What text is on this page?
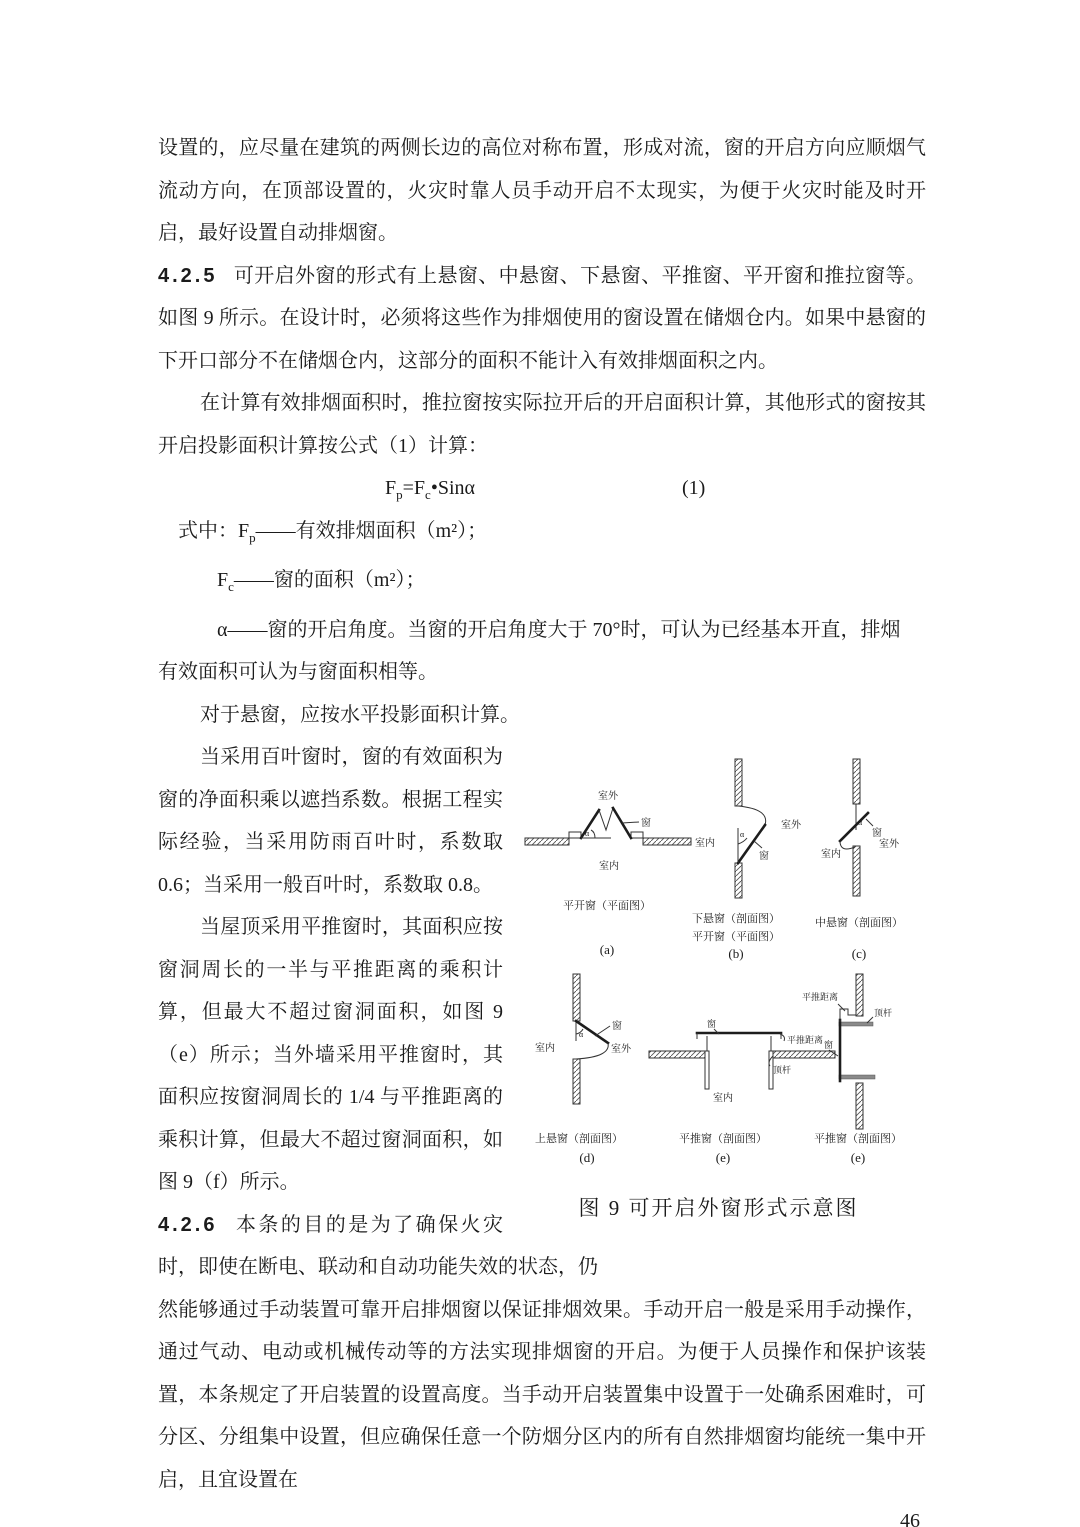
设置的，应尽量在建筑的两侧长边的高位对称布置，形成对流，窗的开启方向应顺烟气流动方向，在顶部设置的，火灾时靠人员手动开启不太现实，为便于火灾时能及时开启，最好设置自动排烟窗。

4.2.5 可开启外窗的形式有上悬窗、中悬窗、下悬窗、平推窗、平开窗和推拉窗等。如图 9 所示。在设计时，必须将这些作为排烟使用的窗设置在储烟仓内。如果中悬窗的下开口部分不在储烟仓内，这部分的面积不能计入有效排烟面积之内。

在计算有效排烟面积时，推拉窗按实际拉开后的开启面积计算，其他形式的窗按其开启投影面积计算按公式（1）计算：

$F_p=F_c•Sin\alpha$	(1)
式中：$F_p——$有效排烟面积（m²）；
$F_c——$窗的面积（m²）；
α——窗的开启角度。当窗的开启角度大于 70°时，可认为已经基本开直，排烟
有效面积可认为与窗面积相等。

对于悬窗，应按水平投影面积计算。

α
窗
室外
室内
平开窗（平面图）
(a)
α
窗
室内
室外
下悬窗（剖面图）
平开窗（平面图）
(b)
α
窗
室外
室内
中悬窗（剖面图）
(c)
α
窗
室内	室外
上悬窗（剖面图）
(d)
窗
平推距离
顶杆
室内
平推窗（剖面图）
(e)
平推距离
顶杆
窗
平推窗（剖面图）
(e)
图 9 可开启外窗形式示意图

当采用百叶窗时，窗的有效面积为窗的净面积乘以遮挡系数。根据工程实际经验，当采用防雨百叶时，系数取 0.6；当采用一般百叶时，系数取 0.8。

当屋顶采用平推窗时，其面积应按窗洞周长的一半与平推距离的乘积计算，但最大不超过窗洞面积，如图 9（e）所示；当外墙采用平推窗时，其面积应按窗洞周长的 1/4 与平推距离的乘积计算，但最大不超过窗洞面积，如图 9（f）所示。

4.2.6 本条的目的是为了确保火灾时，即使在断电、联动和自动功能失效的状态，仍

然能够通过手动装置可靠开启排烟窗以保证排烟效果。手动开启一般是采用手动操作，通过气动、电动或机械传动等的方法实现排烟窗的开启。为便于人员操作和保护该装置，本条规定了开启装置的设置高度。当手动开启装置集中设置于一处确系困难时，可分区、分组集中设置，但应确保任意一个防烟分区内的所有自然排烟窗均能统一集中开启，且宜设置在

46
